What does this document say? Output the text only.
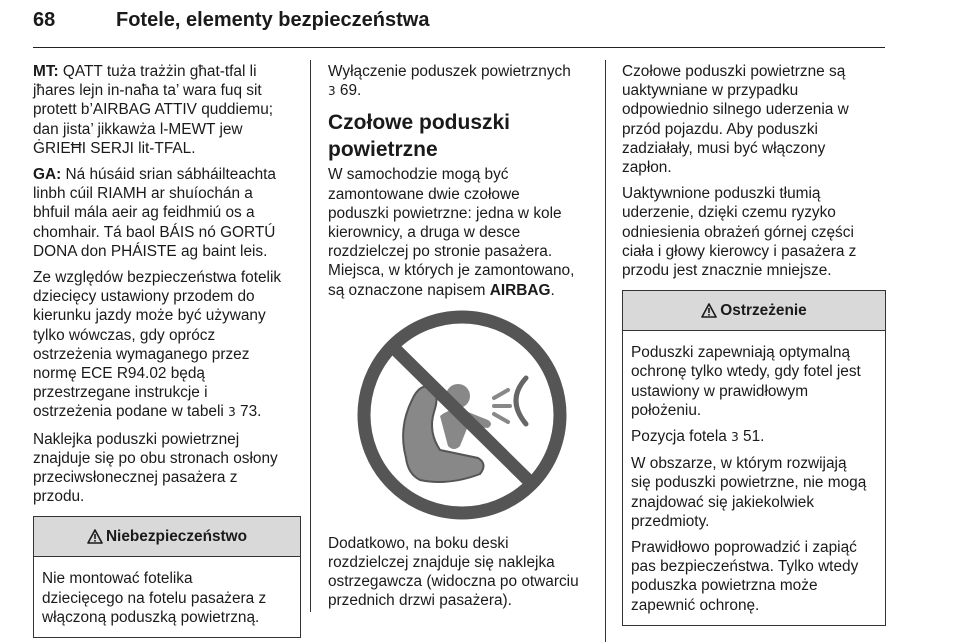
68	Fotele, elementy bezpieczeństwa

MT: QATT tuża trażżin għat-tfal li
jħares lejn in-naħa ta’ wara fuq sit
protett b’AIRBAG ATTIV quddiemu;
dan jista’ jikkawża l-MEWT jew
ĠRIEĦI SERJI lit-TFAL.

GA: Ná húsáid srian sábháilteachta
linbh cúil RIAMH ar shuíochán a
bhfuil mála aeir ag feidhmiú os a
chomhair. Tá baol BÁIS nó GORTÚ
DONA don PHÁISTE ag baint leis.

Ze względów bezpieczeństwa fotelik
dziecięcy ustawiony przodem do
kierunku jazdy może być używany
tylko wówczas, gdy oprócz
ostrzeżenia wymaganego przez
normę ECE R94.02 będą
przestrzegane instrukcje i
ostrzeżenia podane w tabeli 3 73.

Naklejka poduszki powietrznej
znajduje się po obu stronach osłony
przeciwsłonecznej pasażera z
przodu.

Niebezpieczeństwo

Nie montować fotelika
dziecięcego na fotelu pasażera z
włączoną poduszką powietrzną.

Wyłączenie poduszek powietrznych
3 69.

Czołowe poduszki
powietrzne

W samochodzie mogą być
zamontowane dwie czołowe
poduszki powietrzne: jedna w kole
kierownicy, a druga w desce
rozdzielczej po stronie pasażera.
Miejsca, w których je zamontowano,
są oznaczone napisem AIRBAG.

Dodatkowo, na boku deski
rozdzielczej znajduje się naklejka
ostrzegawcza (widoczna po otwarciu
przednich drzwi pasażera).

Czołowe poduszki powietrzne są
uaktywniane w przypadku
odpowiednio silnego uderzenia w
przód pojazdu. Aby poduszki
zadziałały, musi być włączony
zapłon.

Uaktywnione poduszki tłumią
uderzenie, dzięki czemu ryzyko
odniesienia obrażeń górnej części
ciała i głowy kierowcy i pasażera z
przodu jest znacznie mniejsze.

Ostrzeżenie

Poduszki zapewniają optymalną
ochronę tylko wtedy, gdy fotel jest
ustawiony w prawidłowym
położeniu.

Pozycja fotela 3 51.

W obszarze, w którym rozwijają
się poduszki powietrzne, nie mogą
znajdować się jakiekolwiek
przedmioty.

Prawidłowo poprowadzić i zapiąć
pas bezpieczeństwa. Tylko wtedy
poduszka powietrzna może
zapewnić ochronę.
